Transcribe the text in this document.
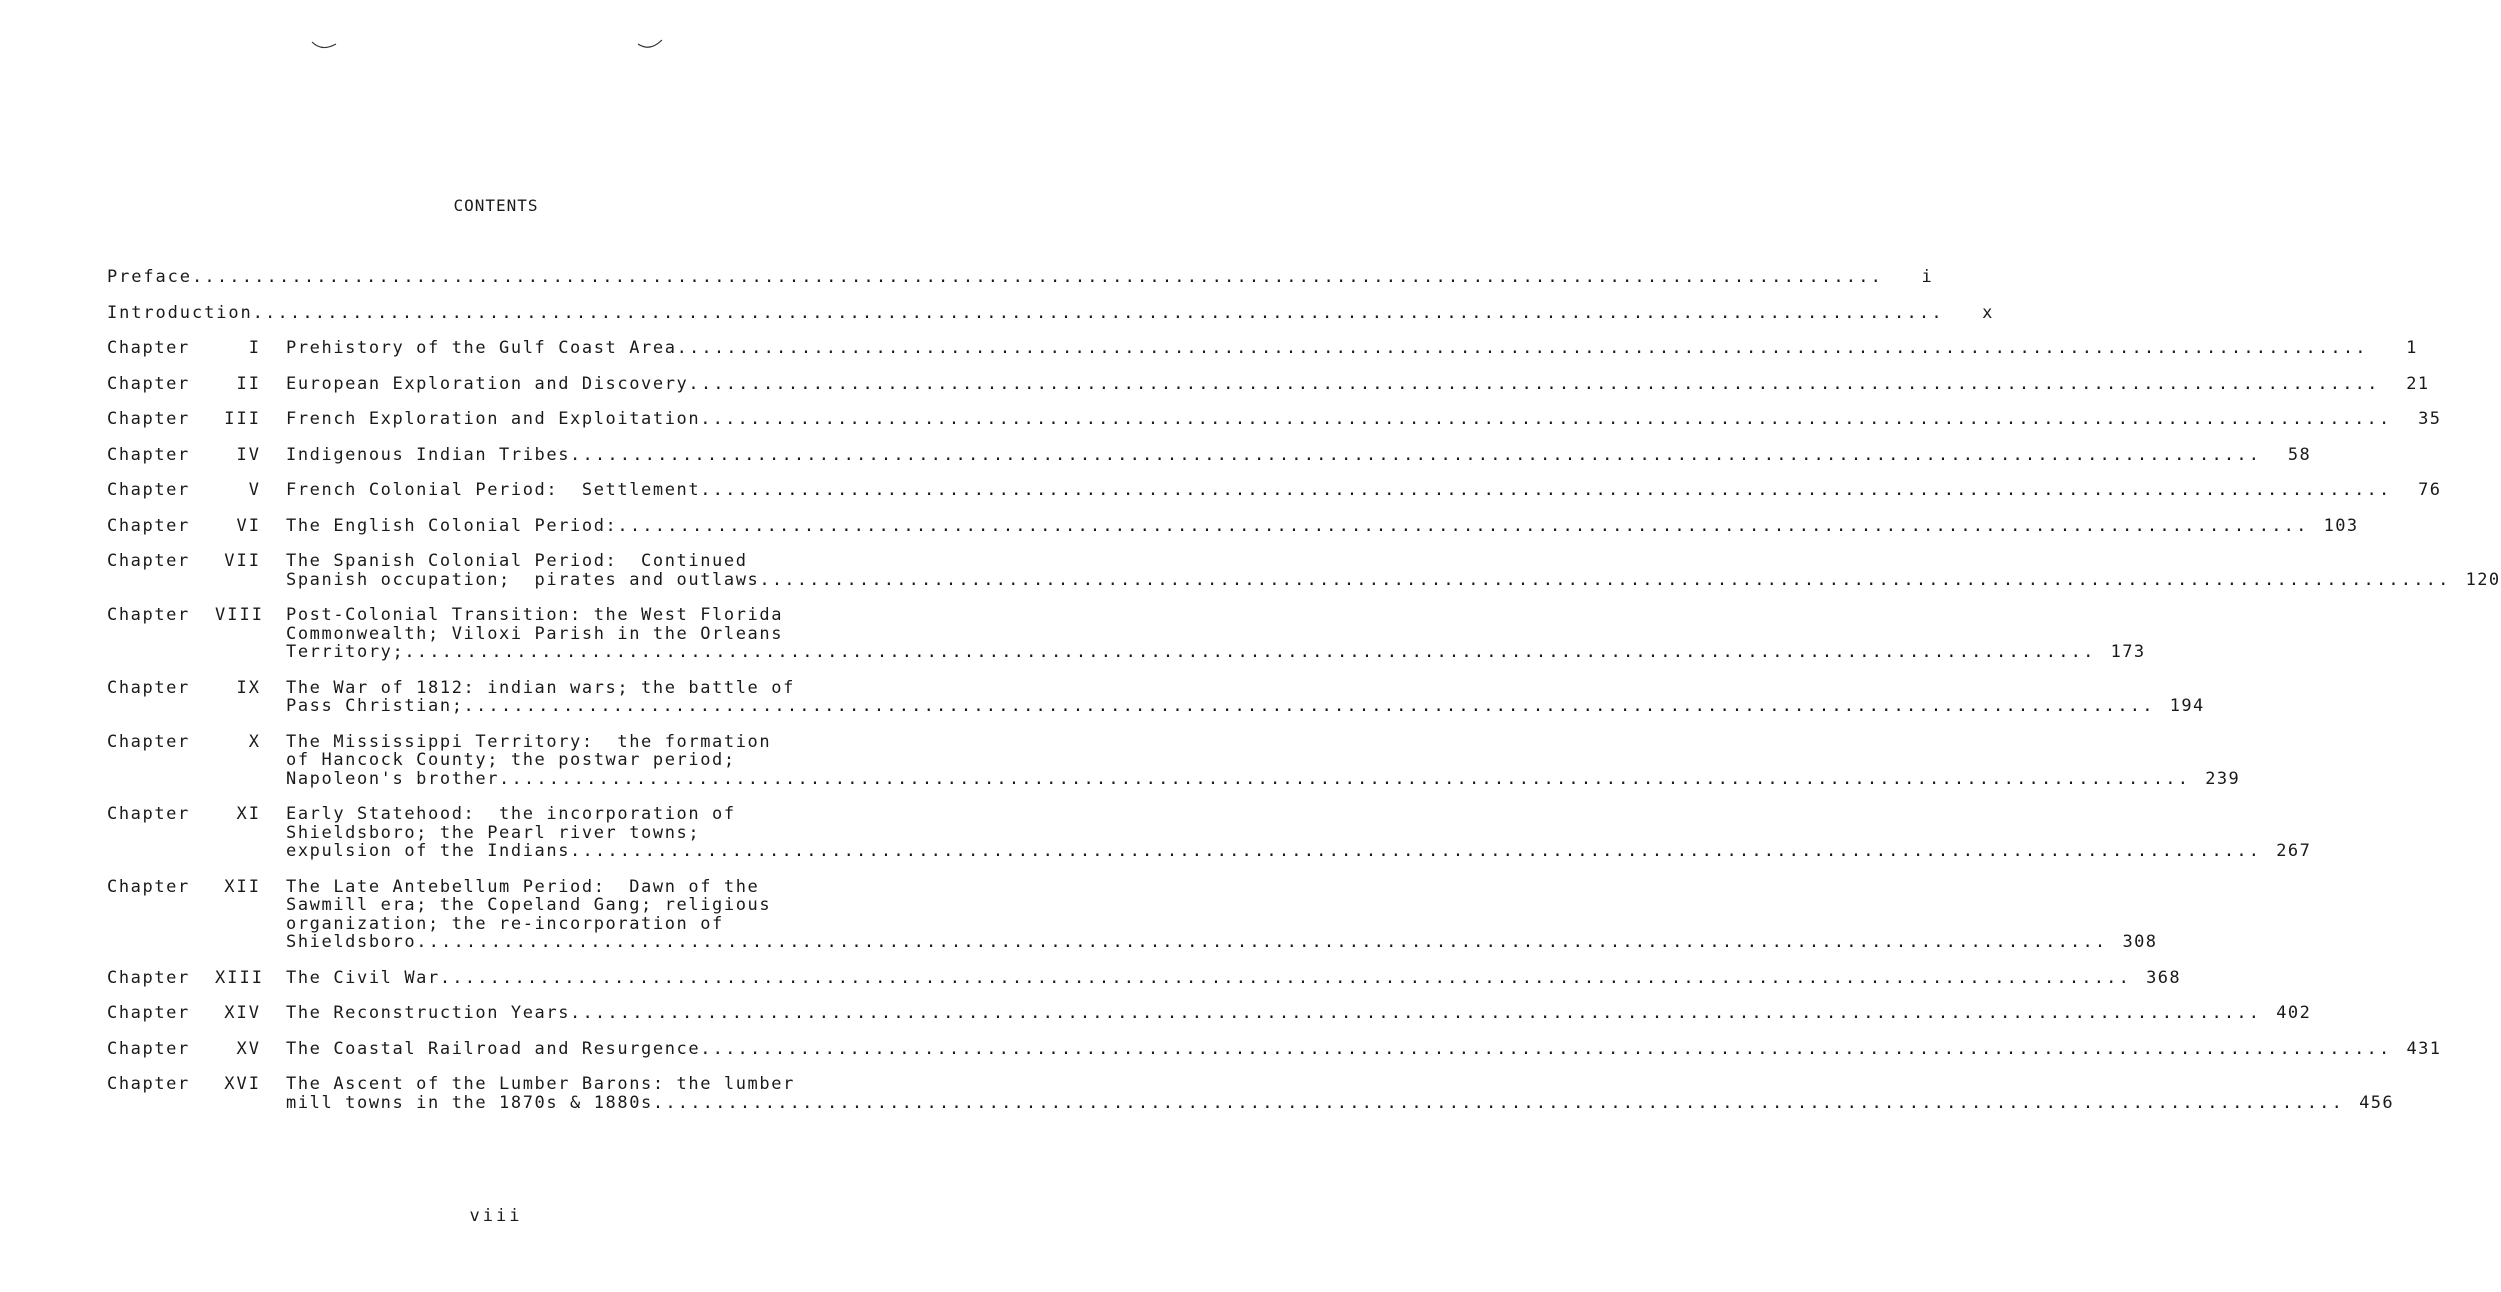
CONTENTS
Preface .....	i
Introduction .....	x
Chapter	I Prehistory of the Gulf Coast Area .....	1
Chapter	II European Exploration and Discovery .....	21
Chapter	III French Exploration and Exploitation .....	35
Chapter	IV Indigenous Indian Tribes .....	58
Chapter	V French Colonial Period:  Settlement .....	76
Chapter	VI The English Colonial Period: .....	103
Chapter	VII The Spanish Colonial Period:  Continued
Spanish occupation;  pirates and outlaws .....	120
Chapter	VIII Post-Colonial Transition: the West Florida
Commonwealth; Viloxi Parish in the Orleans
Territory; .....	173
Chapter	IX The War of 1812: indian wars; the battle of
Pass Christian; .....	194
Chapter	X The Mississippi Territory:  the formation
of Hancock County; the postwar period;
Napoleon's brother .....	239
Chapter	XI Early Statehood:  the incorporation of
Shieldsboro; the Pearl river towns;
expulsion of the Indians .....	267
Chapter	XII The Late Antebellum Period:  Dawn of the
Sawmill era; the Copeland Gang; religious
organization; the re-incorporation of
Shieldsboro .....	308
Chapter	XIII The Civil War .....	368
Chapter	XIV The Reconstruction Years .....	402
Chapter	XV The Coastal Railroad and Resurgence .....	431
Chapter	XVI The Ascent of the Lumber Barons: the lumber
mill towns in the 1870s & 1880s .....	456
viii
